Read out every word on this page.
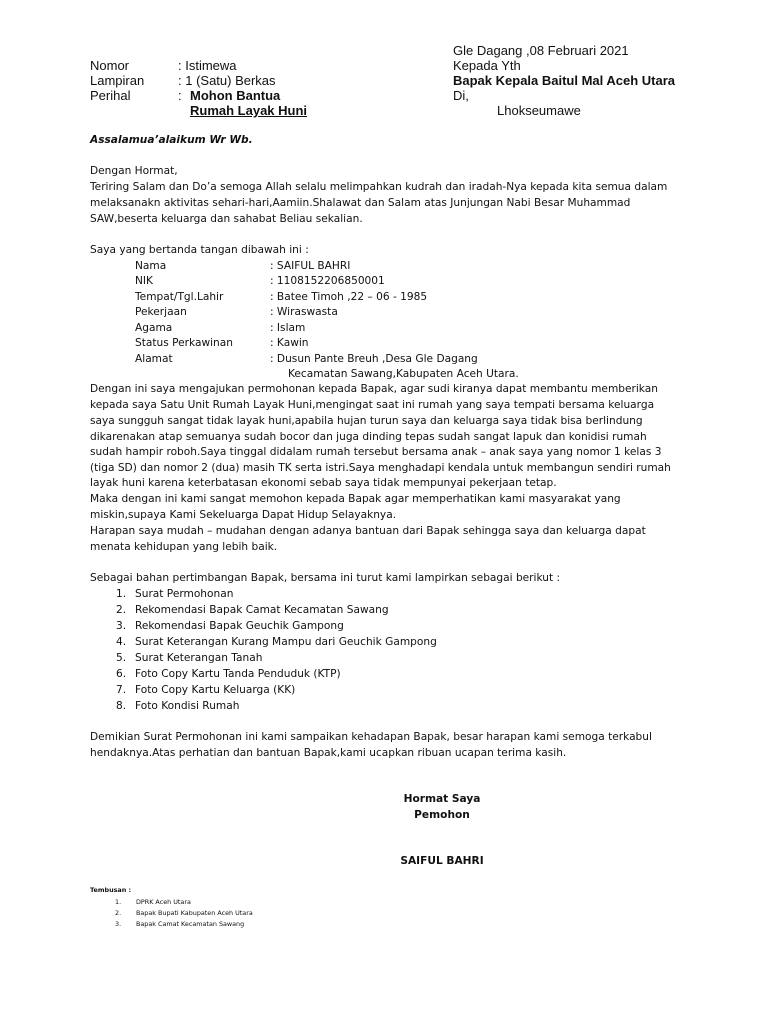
Gle Dagang ,08 Februari 2021
Kepada Yth
Bapak Kepala Baitul Mal Aceh Utara
Di,
Lhokseumawe
Nomor	: Istimewa
Lampiran	: 1 (Satu) Berkas
Perihal	: Mohon Bantua
Rumah Layak Huni
Assalamua’alaikum Wr Wb.
Dengan Hormat,
Teriring Salam dan Do’a semoga Allah selalu melimpahkan kudrah dan iradah-Nya kepada kita semua dalam
melaksanakn aktivitas sehari-hari,Aamiin.Shalawat dan Salam atas Junjungan Nabi Besar Muhammad
SAW,beserta keluarga dan sahabat Beliau sekalian.
Saya yang bertanda tangan dibawah ini :
Nama	: SAIFUL BAHRI
NIK	: 1108152206850001
Tempat/Tgl.Lahir	: Batee Timoh ,22 – 06 - 1985
Pekerjaan	: Wiraswasta
Agama	: Islam
Status Perkawinan	: Kawin
Alamat	: Dusun Pante Breuh ,Desa Gle Dagang
Kecamatan Sawang,Kabupaten Aceh Utara.
Dengan ini saya mengajukan permohonan kepada Bapak, agar sudi kiranya dapat membantu memberikan
kepada saya Satu Unit Rumah Layak Huni,mengingat saat ini rumah yang saya tempati bersama keluarga
saya sungguh sangat tidak layak huni,apabila hujan turun saya dan keluarga saya tidak bisa berlindung
dikarenakan atap semuanya sudah bocor dan juga dinding tepas sudah sangat lapuk dan konidisi rumah
sudah hampir roboh.Saya tinggal didalam rumah tersebut bersama anak – anak saya yang nomor 1 kelas 3
(tiga SD) dan nomor 2 (dua) masih TK serta istri.Saya menghadapi kendala untuk membangun sendiri rumah
layak huni karena keterbatasan ekonomi sebab saya tidak mempunyai pekerjaan tetap.
Maka dengan ini kami sangat memohon kepada Bapak agar memperhatikan kami masyarakat yang
miskin,supaya Kami Sekeluarga Dapat Hidup Selayaknya.
Harapan saya mudah – mudahan dengan adanya bantuan dari Bapak sehingga saya dan keluarga dapat
menata kehidupan yang lebih baik.
Sebagai bahan pertimbangan Bapak, bersama ini turut kami lampirkan sebagai berikut :
1. Surat Permohonan
2. Rekomendasi Bapak Camat Kecamatan Sawang
3. Rekomendasi Bapak Geuchik Gampong
4. Surat Keterangan Kurang Mampu dari Geuchik Gampong
5. Surat Keterangan Tanah
6. Foto Copy Kartu Tanda Penduduk (KTP)
7. Foto Copy Kartu Keluarga (KK)
8. Foto Kondisi Rumah
Demikian Surat Permohonan ini kami sampaikan kehadapan Bapak, besar harapan kami semoga terkabul
hendaknya.Atas perhatian dan bantuan Bapak,kami ucapkan ribuan ucapan terima kasih.
Hormat Saya
Pemohon
SAIFUL BAHRI
Tembusan :
1. DPRK Aceh Utara
2. Bapak Bupati Kabupaten Aceh Utara
3. Bapak Camat Kecamatan Sawang
